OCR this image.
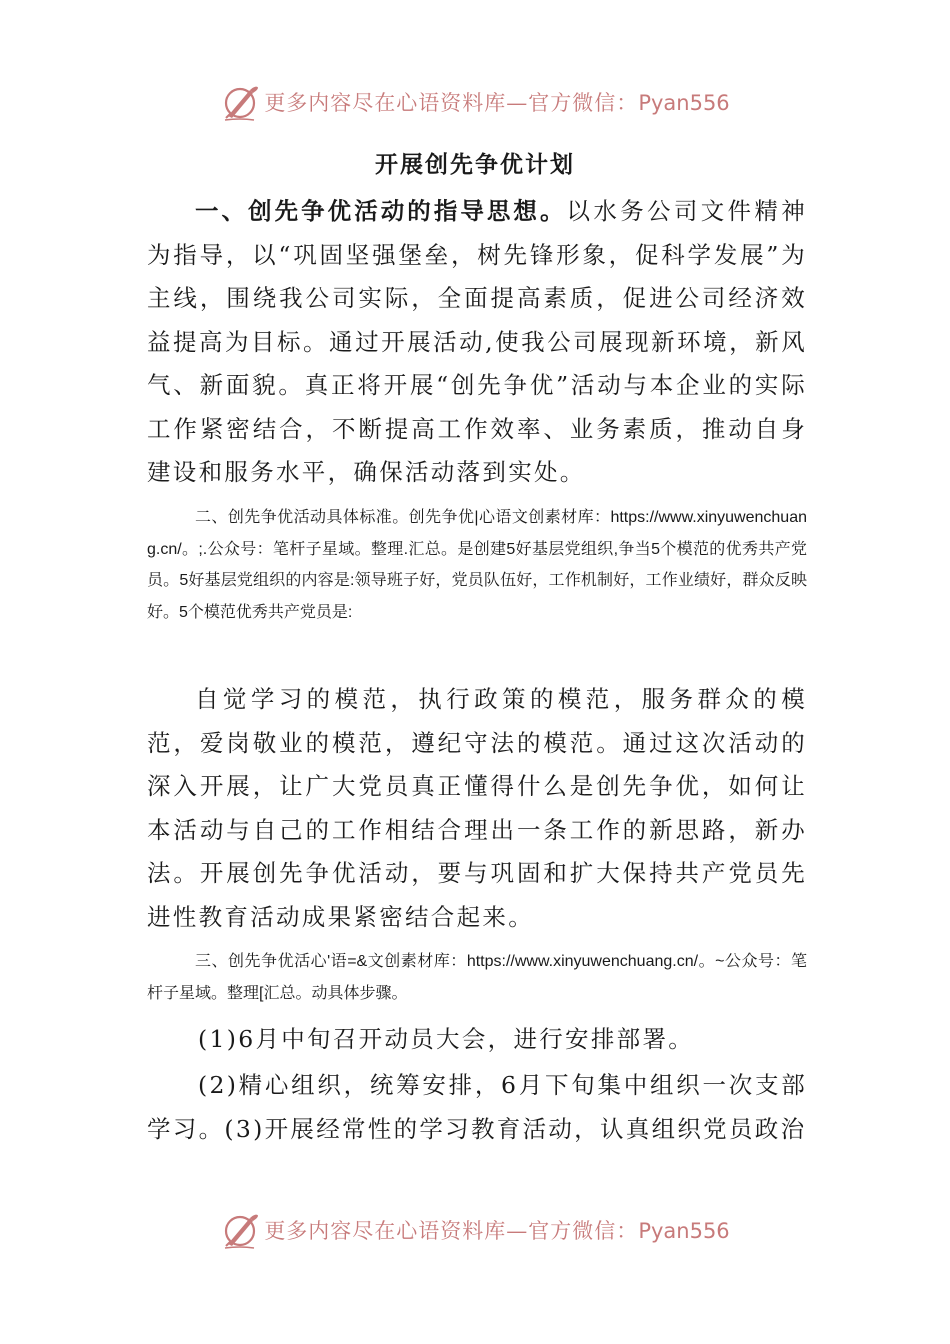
更多内容尽在心语资料库—官方微信：Pyan556
开展创先争优计划

一、创先争优活动的指导思想。以水务公司文件精神为指导，以“巩固坚强堡垒，树先锋形象，促科学发展”为主线，围绕我公司实际，全面提高素质，促进公司经济效益提高为目标。通过开展活动,使我公司展现新环境，新风气、新面貌。真正将开展“创先争优”活动与本企业的实际工作紧密结合，不断提高工作效率、业务素质，推动自身建设和服务水平，确保活动落到实处。

二、创先争优活动具体标准。创先争优|心语文创素材库：https://www.xinyuwenchuang.cn/。;.公众号：笔杆子星域。整理.汇总。是创建5好基层党组织,争当5个模范的优秀共产党员。5好基层党组织的内容是:领导班子好，党员队伍好，工作机制好，工作业绩好，群众反映好。5个模范优秀共产党员是:

自觉学习的模范，执行政策的模范，服务群众的模范，爱岗敬业的模范，遵纪守法的模范。通过这次活动的深入开展，让广大党员真正懂得什么是创先争优，如何让本活动与自己的工作相结合理出一条工作的新思路，新办法。开展创先争优活动，要与巩固和扩大保持共产党员先进性教育活动成果紧密结合起来。

三、创先争优活心'语=&文创素材库：https://www.xinyuwenchuang.cn/。~公众号：笔杆子星域。整理[汇总。动具体步骤。

(1)6月中旬召开动员大会，进行安排部署。

(2)精心组织，统筹安排，6月下旬集中组织一次支部学习。(3)开展经常性的学习教育活动，认真组织党员政治

更多内容尽在心语资料库—官方微信：Pyan556
